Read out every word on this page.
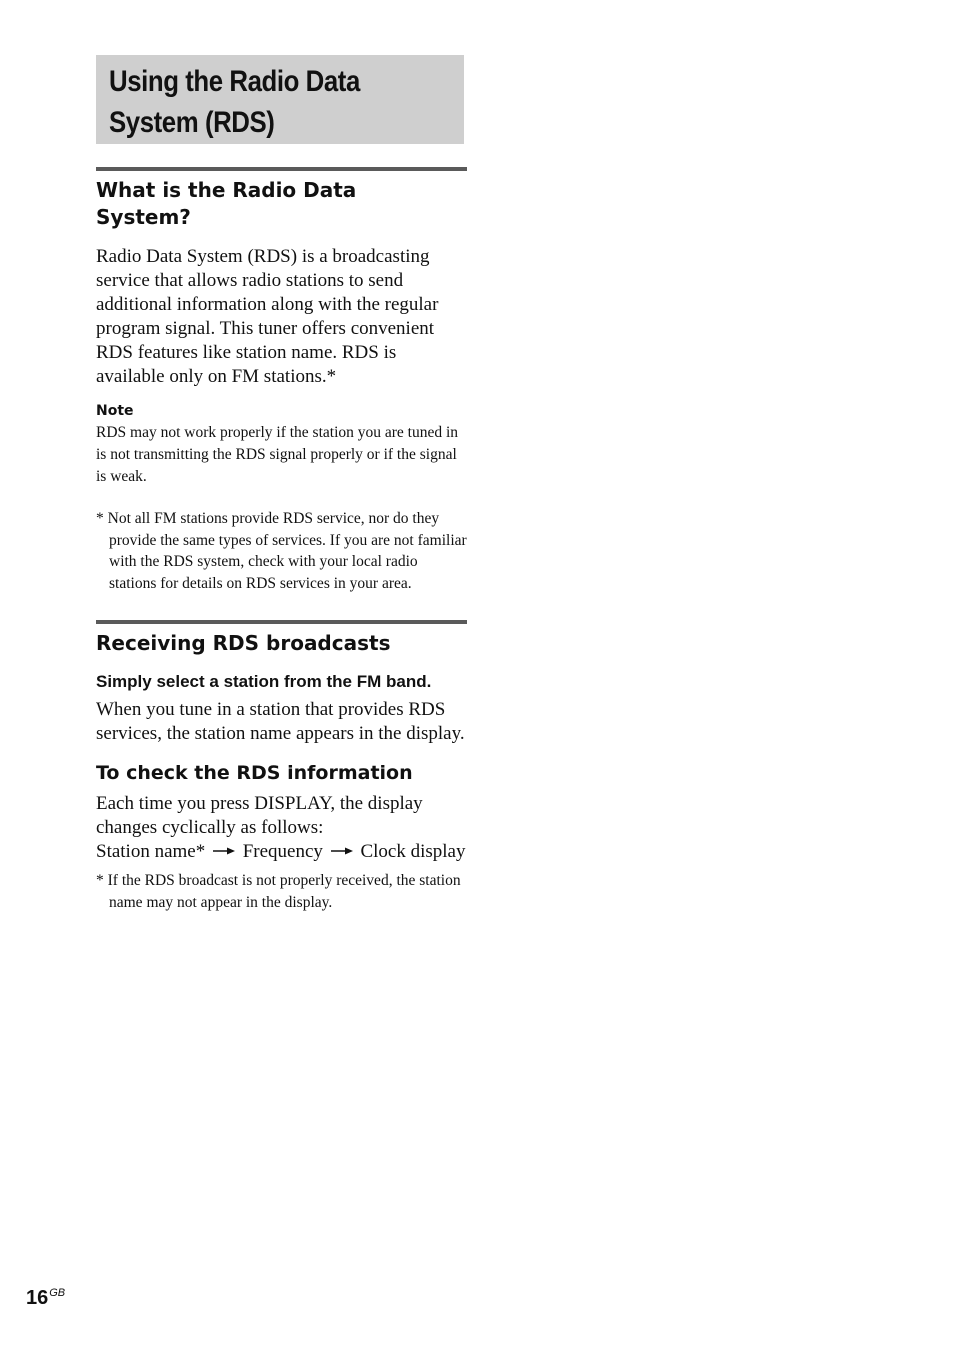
Using the Radio Data
System (RDS)
What is the Radio Data
System?

Radio Data System (RDS) is a broadcasting service that allows radio stations to send additional information along with the regular program signal. This tuner offers convenient RDS features like station name. RDS is available only on FM stations.*

Note

RDS may not work properly if the station you are tuned in is not transmitting the RDS signal properly or if the signal is weak.

* Not all FM stations provide RDS service, nor do they provide the same types of services. If you are not familiar with the RDS system, check with your local radio stations for details on RDS services in your area.

Receiving RDS broadcasts

Simply select a station from the FM band.

When you tune in a station that provides RDS services, the station name appears in the display.

To check the RDS information

Each time you press DISPLAY, the display changes cyclically as follows:

Station name* Frequency Clock display

* If the RDS broadcast is not properly received, the station name may not appear in the display.

$16^{GB}$
